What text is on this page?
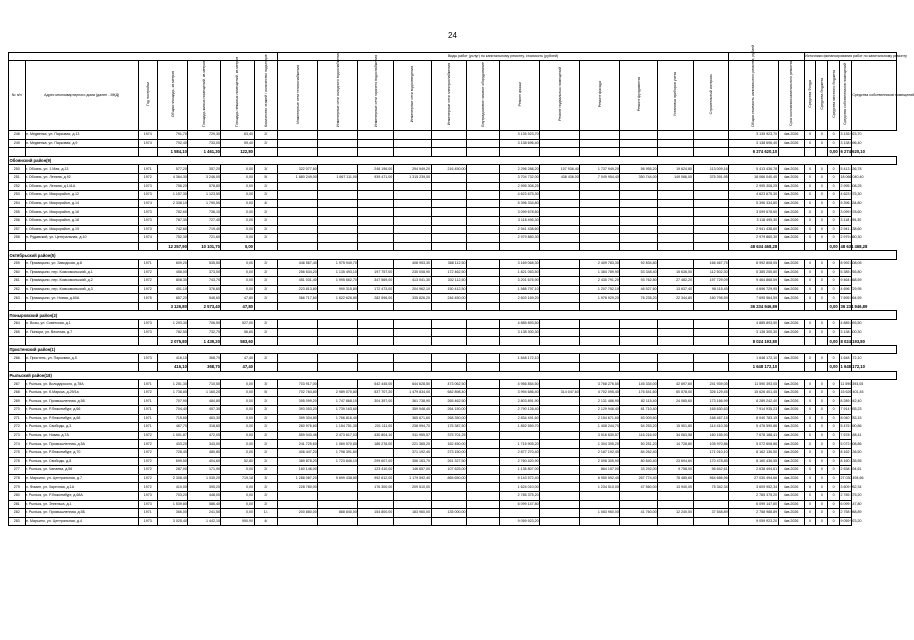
24
							Виды работ (услуг) по капитальному ремонту, стоимость (рублей)														Источники финансирования работ по капитальному ремонту				
№ п/п	Адрес многоквартирного дома (далее - МКД)	Год постройки	Общая площадь, кв.метров	Площадь жилых помещений, кв.метров	Площадь нежилых помещений, кв.метров	Количество этажей / количество подъездов	Инженерные сети теплоснабжения	Инженерные сети холодного водоснабжения	Инженерные сети горячего водоснабжения	Инженерные сети водоотведения	Инженерные сети электроснабжения	Внутридомовое газовое оборудование	Ремонт крыши	Ремонт подвальных помещений	Ремонт фасада	Ремонт фундамента	Установка приборов учета	Строительный контроль	Общая стоимость капитального ремонта, рублей	Срок окончания капитального ремонта	Средства Фонда	Средства бюджета	Средства местного бюджета	Средства собственников помещений	Средства собственников помещений
248	п. Медвенка, ул. Парковая, д.13	1974	791,70	729,30	63,40	2/							3 135 923,70						3 135 923,70	4кв.2026	0	0	0	3 135 923,70	
249	п. Медвенка, ул. Парковая, д.9	1974	792,40	733,00	59,40	2/							3 138 696,40						3 138 696,40	4кв.2026	0	0	0	3 138 696,40	
			1 584,10	1 461,30	122,80														6 274 620,10				0,00	6 274 620,10	
Обоянский район(9)																									
250	г. Обоянь, ул. 1 Мая, д.13	1971	577,20	357,20	0,00	3/	322 077,60		248 196,00	294 949,20	216 450,00		2 296 288,20	107 936,40	1 737 949,20	56 955,20	19 624,80	113 009,16	5 413 436,78	4кв.2026	0	0	0	5 413 436,78	
251	г. Обоянь, ул. Ленина, д.92	1972	4 364,30	3 246,00	0,00	5/	1 880 249,00	1 667 111,00	939 471,00	1 315 239,00			3 704 732,00	438 436,00	7 049 954,40	350 744,00	149 066,00	375 391,95	18 066 040,40	4кв.2026	0	0	0	18 066 040,40	
252	г. Обоянь, ул. Ленина, д.141А	1973	756,20	578,80	0,00	2/							2 995 308,25						2 995 308,25	4кв.2026	0	0	0	2 995 308,25	
253	г. Обоянь, ул. Микрорайон, д.12	1973	1 157,30	1 123,50	0,00	2/							4 623 675,30						4 623 675,30	4кв.2026	0	0	0	4 623 675,30	
254	г. Обоянь, ул. Микрорайон, д.14	1974	2 338,10	1 790,50	0,00	4/							5 396 334,80						5 396 334,80	4кв.2026	0	0	0	5 396 334,80	
255	г. Обоянь, ул. Микрорайон, д.16	1973	782,60	736,10	0,00	2/							3 099 678,60						3 099 678,60	4кв.2026	0	0	0	3 099 678,60	
256	г. Обоянь, ул. Микрорайон, д.18	1973	787,30	727,40	0,00	2/							3 118 495,30						3 118 495,30	4кв.2026	0	0	0	3 118 495,30	
257	г. Обоянь, ул. Микрорайон, д.19	1973	742,60	719,40	0,00	2/							2 941 438,60						2 941 438,60	4кв.2026	0	0	0	2 941 438,60	
258	п. Рудавский, ул. Центральная, д.10	1974	752,30	721,60	0,00	2/							2 979 860,30						2 979 860,30	4кв.2026	0	0	0	2 979 860,30	
			12 257,90	10 101,70	0,00														48 634 468,28				0,00	48 634 468,28	
Октябрьский район(5)																									
259	п. Прямицыно, ул. Заводская, д.8	1971	609,20	535,50	0,00	2/	446 567,40	1 975 940,70		408 953,30	388 112,50		3 169 068,30		2 409 783,30	92 834,80		166 467,75	8 992 808,05	4кв.2026	0	0	0	8 992 808,05	
260	п. Прямицыно, пер. Комсомольский, д.1	1972	458,00	373,00	0,00	2/	256 634,20	1 135 493,10	197 757,00	235 008,90	172 462,50		1 821 063,50		1 384 789,90	53 348,40	15 636,00	112 502,30	5 385 255,80	4кв.2026	0	0	0	5 385 255,80	
261	п. Прямицыно, пер. Комсомольский, д.2	1972	808,30	743,70	0,00	2/	451 031,40	1 995 662,70	347 569,00	413 041,30	302 112,50		3 201 676,90		2 430 791,20	93 762,80	27 482,20	197 729,09	9 464 868,59	4кв.2026	0	0	0	9 464 868,59	
262	п. Прямицыно, пер. Комсомольский, д.3	1972	401,10	376,60	0,00	2/	223 813,80	990 315,80	172 473,00	204 962,10	150 412,50		1 588 797,10		1 207 752,10	46 527,60	13 637,40	98 115,45	4 696 729,95	4кв.2026	0	0	0	4 696 729,95	
263	п. Прямицыно, ул. Новая, д.60А	1975	857,20	546,60	47,80	2/	366 717,60	1 622 626,80	282 596,00	335 826,20	246 450,00		2 603 169,20		1 978 929,20	76 235,20	22 344,80	160 798,59	7 695 564,59	4кв.2026	0	0	0	7 695 564,59	
			3 126,80	2 573,40	47,80														36 234 946,89				0,00	36 234 946,89	
Поныровский район(2)																									
264	п. Возы, ул. Советская, д.1	1973	1 293,30	706,50	527,00	2/							4 885 893,50						4 885 893,50	4кв.2026	0	0	0	4 885 893,50	
265	п. Поныри, ул. Веселая, д.7	1973	782,50	732,70	56,60	2/							3 138 300,30						3 138 300,30	4кв.2026	0	0	0	3 138 300,30	
			2 075,80	1 439,20	583,60														8 024 193,80				0,00	8 024 193,80	
Пристенский район(1)																									
266	п. Пристень, ул. Парковая, д.5	1973	416,10	368,70	47,40	2/							1 648 172,10						1 648 172,10	4кв.2026	0	0	0	1 648 172,10	
			416,10	368,70	47,40														1 648 172,10				0,00	1 648 172,10	
Рыльский район(18)																									
267	г. Рыльск, ул. Володарского, д.78А	1971	1 251,30	710,50	0,00	3/	703 917,00		542 445,00	644 628,50	473 062,50		4 956 854,50		3 768 276,50	145 334,00	42 697,60	241 939,05	11 590 393,05	4кв.2026	0	0	0	11 590 393,05	
268	г. Рыльск, ул. К.Маркса, д.29/1а	1972	1 738,80	1 160,20	0,00	5/	702 784,80	2 989 070,80	537 707,20	1 479 834,00	682 898,40		3 994 686,40	314 047,60	4 702 095,40	176 541,60	60 578,00	326 129,45	15 626 401,45	4кв.2026	0	0	0	15 626 401,45	
269	г. Рыльск, ул. Промышленная, д.58	1971	707,90	484,80	0,00	2/	395 099,20	1 747 868,10	304 397,00	361 738,90	265 462,50		2 803 891,90		2 131 486,90	82 115,40	24 065,60	173 166,99	8 289 242,40	4кв.2026	0	0	0	8 289 242,40	
270	г. Рыльск, ул. Р.Люксембург, д.66	1971	704,40	457,30	0,00	2/	393 053,20	1 739 163,60		359 948,40	264 150,00		2 790 128,40		2 129 946,40	81 710,40		165 630,63	7 914 935,23	4кв.2026	0	0	0	7 914 935,23	
271	г. Рыльск, ул. Р.Люксембург, д.68	1971	715,60	463,30	0,00	2/	399 304,80	1 766 816,40		365 671,60	268 350,00		2 834 491,60		2 154 671,60	83 009,60		168 467,15	8 040 783,15	4кв.2026	0	0	0	8 040 783,15	
272	г. Рыльск, ул. Свободы, д.3	1971	467,70	318,60	0,00	2/	260 976,60	1 154 751,30	201 111,00	238 994,70	175 387,50		1 852 559,70		1 408 244,70	54 253,20	15 901,80	114 410,36	5 476 590,86	4кв.2026	0	0	0	5 476 590,86	
273	г. Рыльск, ул. Новая, д.7А	1972	1 001,87	472,00	0,00	2/	559 043,46	2 473 617,03	430 804,10	511 955,57	375 701,25				3 016 630,57	116 216,92	34 063,58	160 155,93	7 678 188,41	4кв.2026	0	0	0	7 678 188,41	
274	г. Рыльск, ул. Промышленная, д.5А	1972	433,20	343,00	0,00	2/	241 725,60	1 069 570,80	186 276,00	221 365,20	162 450,00		1 715 905,20		1 304 395,20	50 251,20	14 728,80	105 970,86	5 072 608,86	4кв.2026	0	0	0	5 072 608,86	
275	г. Рыльск, ул. Р.Люксембург, д.70	1972	728,40	480,80	0,00	2/	406 447,20	1 798 391,60		371 192,40	273 150,00		2 877 270,40		2 187 192,40	84 262,40		171 010,10	8 162 136,50	4кв.2026	0	0	0	8 162 136,50	
276	г. Рыльск, ул. Свободы, д.8	1972	699,50	404,60	52,80	2/	389 878,20	1 723 846,10	299 607,00	356 163,70	261 327,50		2 760 420,90		2 098 305,90	80 840,40	23 694,60	170 478,85	8 160 436,55	4кв.2026	0	0	0	8 160 436,55	
277	г. Рыльск, ул. Чапаева, д.56	1972	287,00	171,90	0,00	2/	160 146,00		123 410,00	146 657,00	107 625,00		1 136 807,00		864 157,00	33 292,00	9 758,00	56 642,61	2 638 494,61	4кв.2026	0	0	0	2 638 494,61	
278	п. Марьино, ул. Центральная, д.7	1972	2 308,40	1 030,20	719,18	3/	1 288 087,20	5 699 438,80	992 612,00	1 179 592,40	865 650,00		9 143 572,40		6 950 592,40	267 774,40	78 485,60	564 686,96	27 030 494,66	4кв.2026	0	0	0	27 030 494,66	
279	х. Фомин, ул. Заречная, д.1А	1972	410,00	395,20	0,00	2/	228 780,00		176 300,00	209 510,00			1 624 010,00		1 234 510,00	47 560,00	13 940,00	75 342,34	3 609 952,34	4кв.2026	0	0	0	3 609 952,34	
280	г. Рыльск, ул. Р.Люксембург, д.68А	1973	703,20	448,00	0,00	2/							2 785 375,20						2 785 375,20	4кв.2026	0	0	0	2 785 375,20	
281	г. Рыльск, ул. Энгельса, д.1	1973	1 539,80	586,40	0,00	2/							6 099 147,80						6 099 147,80	4кв.2026	0	0	0	6 099 147,80	
282	г. Рыльск, ул. Промышленная, д.5Б	1971	366,00	241,50	0,00	1/-	200 880,00	888 840,00	154 800,00	183 960,00	135 000,00				1 083 960,00	41 760,00	12 240,00	37 548,89	2 758 988,89	4кв.2026	0	0	0	2 758 988,89	
283	п. Марьино, ул. Центральная, д.4	1973	3 025,40	1 442,10	950,90	4/							9 059 923,20						9 059 923,20	4кв.2026	0	0	0	9 059 923,20	
